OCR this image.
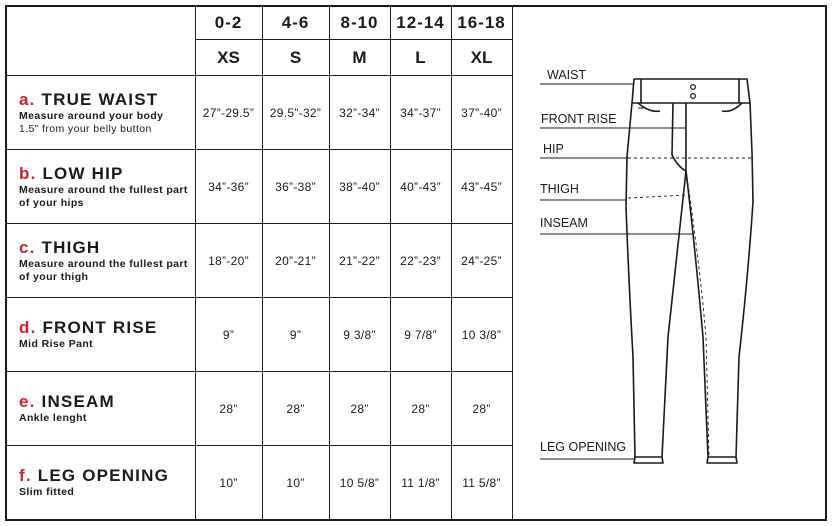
	0-2	4-6	8-10	12-14	16-18
	XS	S	M	L	XL

a. TRUE WAIST
Measure around your body
1.5” from your belly button	27”-29.5”	29.5”-32”	32”-34”	34”-37”	37”-40”

b. LOW HIP
Measure around the fullest part of your hips	34”-36”	36”-38”	38”-40”	40”-43”	43”-45”

c. THIGH
Measure around the fullest part of your thigh	18”-20”	20”-21”	21”-22”	22”-23”	24”-25”

d. FRONT RISE
Mid Rise Pant	9”	9”	9 3/8”	9 7/8”	10 3/8”

e. INSEAM
Ankle lenght	28”	28”	28”	28”	28”

f. LEG OPENING
Slim fitted	10”	10”	10 5/8”	11 1/8”	11 5/8”
WAIST
FRONT RISE
HIP
THIGH
INSEAM
LEG OPENING
